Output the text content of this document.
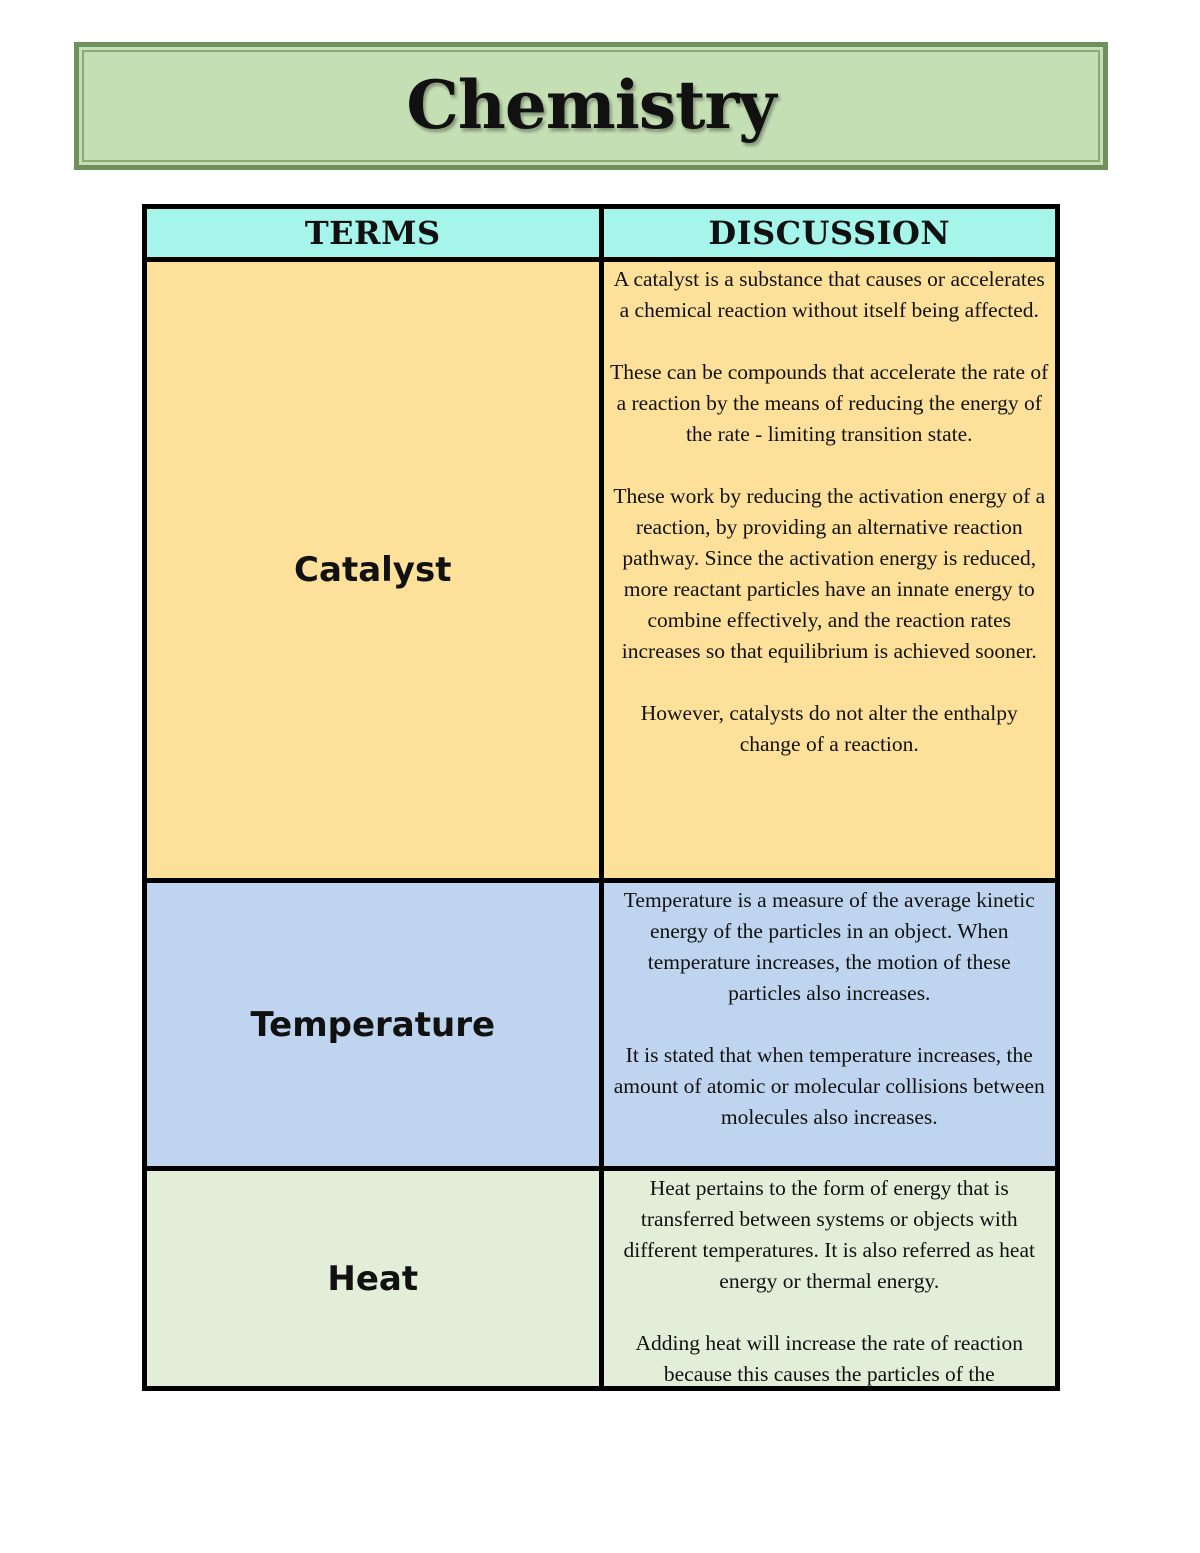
Chemistry
TERMS	DISCUSSION
Catalyst	A catalyst is a substance that causes or accelerates a chemical reaction without itself being affected.

These can be compounds that accelerate the rate of a reaction by the means of reducing the energy of the rate - limiting transition state.

These work by reducing the activation energy of a reaction, by providing an alternative reaction pathway. Since the activation energy is reduced, more reactant particles have an innate energy to combine effectively, and the reaction rates increases so that equilibrium is achieved sooner.

However, catalysts do not alter the enthalpy change of a reaction.

Temperature	Temperature is a measure of the average kinetic energy of the particles in an object. When temperature increases, the motion of these particles also increases.

It is stated that when temperature increases, the amount of atomic or molecular collisions between molecules also increases.

Heat	Heat pertains to the form of energy that is transferred between systems or objects with different temperatures. It is also referred as heat energy or thermal energy.

Adding heat will increase the rate of reaction because this causes the particles of the
